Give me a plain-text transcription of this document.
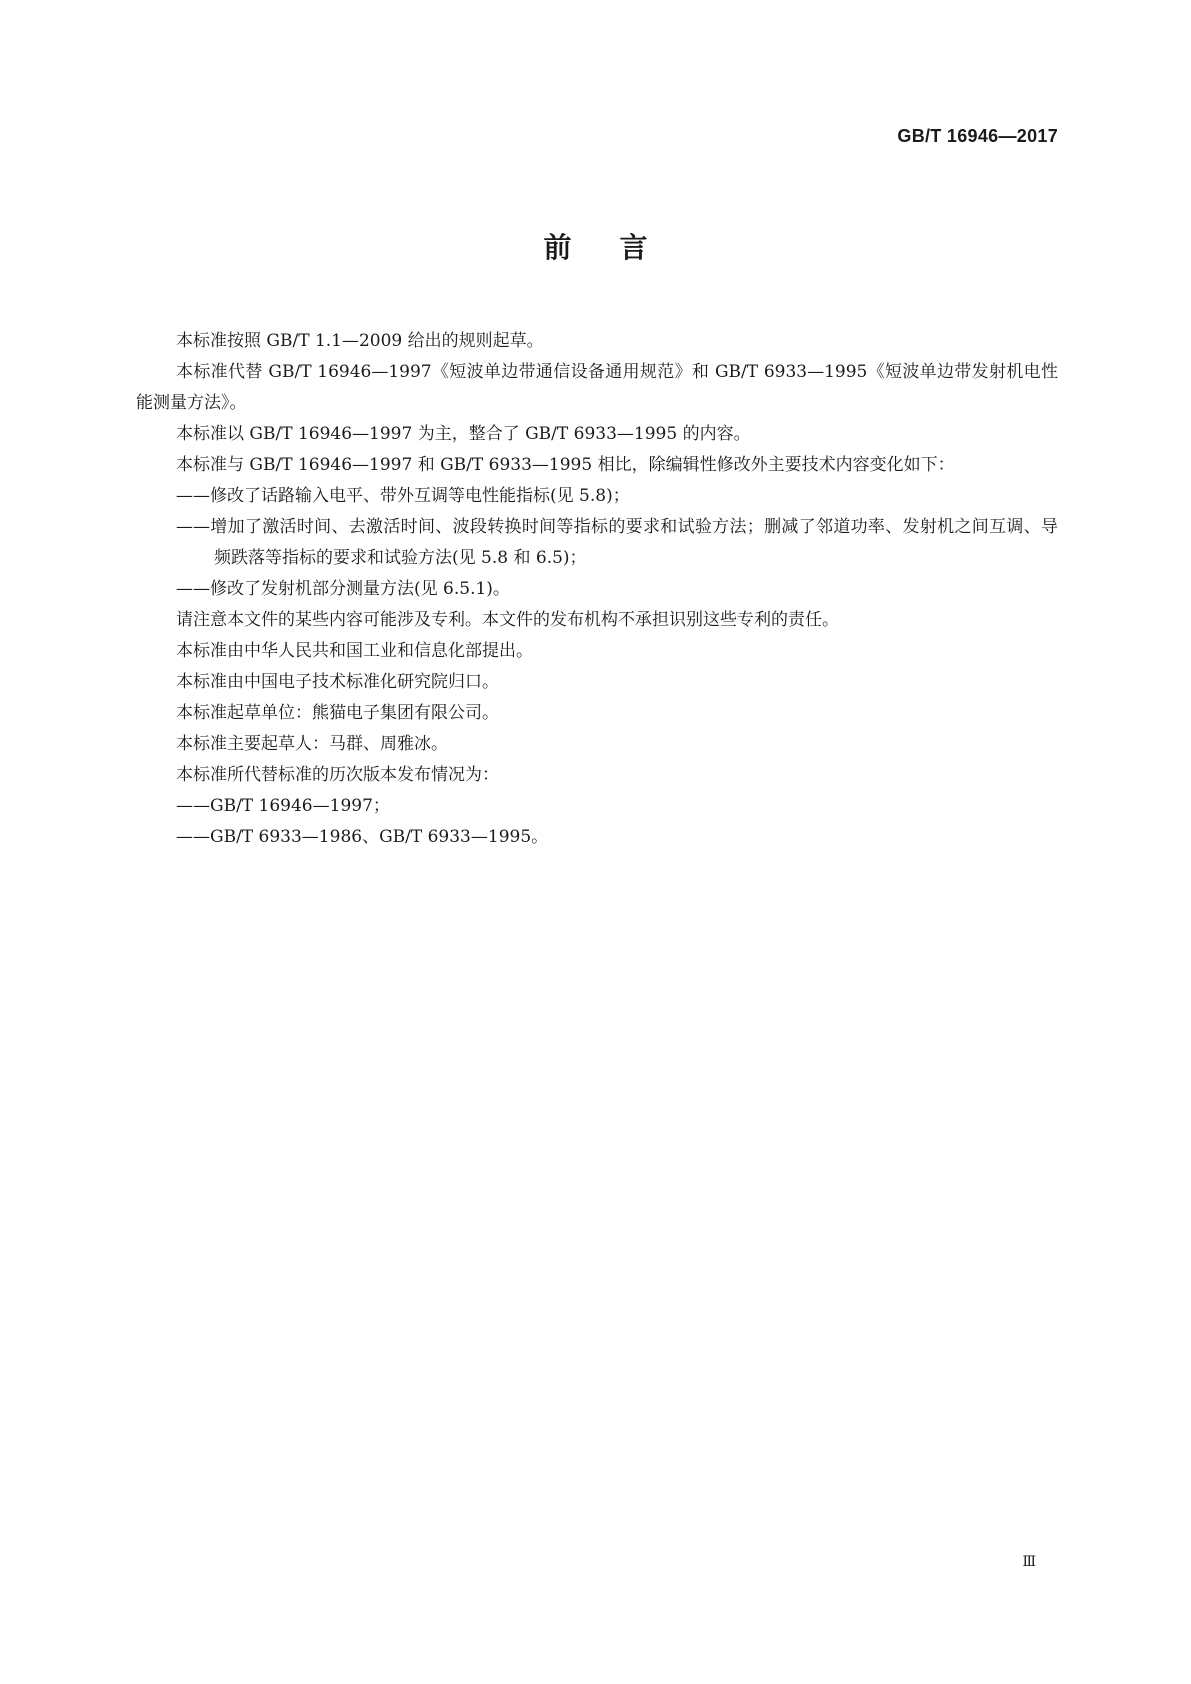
GB/T 16946—2017
前言
本标准按照 GB/T 1.1—2009 给出的规则起草。
本标准代替 GB/T 16946—1997《短波单边带通信设备通用规范》和 GB/T 6933—1995《短波单边带发射机电性能测量方法》。
本标准以 GB/T 16946—1997 为主，整合了 GB/T 6933—1995 的内容。
本标准与 GB/T 16946—1997 和 GB/T 6933—1995 相比，除编辑性修改外主要技术内容变化如下：
——修改了话路输入电平、带外互调等电性能指标(见 5.8)；
——增加了激活时间、去激活时间、波段转换时间等指标的要求和试验方法；删减了邻道功率、发射机之间互调、导频跌落等指标的要求和试验方法(见 5.8 和 6.5)；
——修改了发射机部分测量方法(见 6.5.1)。
请注意本文件的某些内容可能涉及专利。本文件的发布机构不承担识别这些专利的责任。
本标准由中华人民共和国工业和信息化部提出。
本标准由中国电子技术标准化研究院归口。
本标准起草单位：熊猫电子集团有限公司。
本标准主要起草人：马群、周雅冰。
本标准所代替标准的历次版本发布情况为：
——GB/T 16946—1997；
——GB/T 6933—1986、GB/T 6933—1995。
Ⅲ
